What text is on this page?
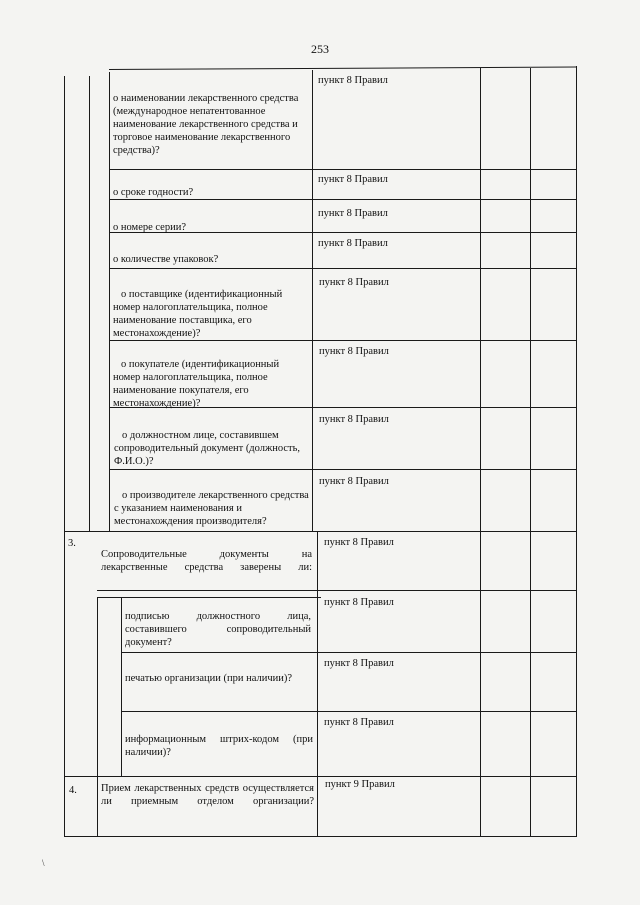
253
о наименовании лекарственного средства (международное непатентованное наименование лекарственного средства и торговое наименование лекарственного средства)?
пункт 8 Правил
о сроке годности?
пункт 8 Правил
о номере серии?
пункт 8 Правил
о количестве упаковок?
пункт 8 Правил
о поставщике (идентификационный номер налогоплательщика, полное наименование поставщика, его местонахождение)?
пункт 8 Правил
о покупателе (идентификационный номер налогоплательщика, полное наименование покупателя, его местонахождение)?
пункт 8 Правил
о должностном лице, составившем сопроводительный документ (должность, Ф.И.О.)?
пункт 8 Правил
о производителе лекарственного средства с указанием наименования и местонахождения производителя?
пункт 8 Правил
3.
Сопроводительные документы на лекарственные средства заверены ли:
пункт 8 Правил
подписью должностного лица, составившего сопроводительный документ?
пункт 8 Правил
печатью организации (при наличии)?
пункт 8 Правил
информационным штрих-кодом (при наличии)?
пункт 8 Правил
4.	Прием лекарственных средств осуществляется ли приемным отделом организации?
пункт 9 Правил
\
